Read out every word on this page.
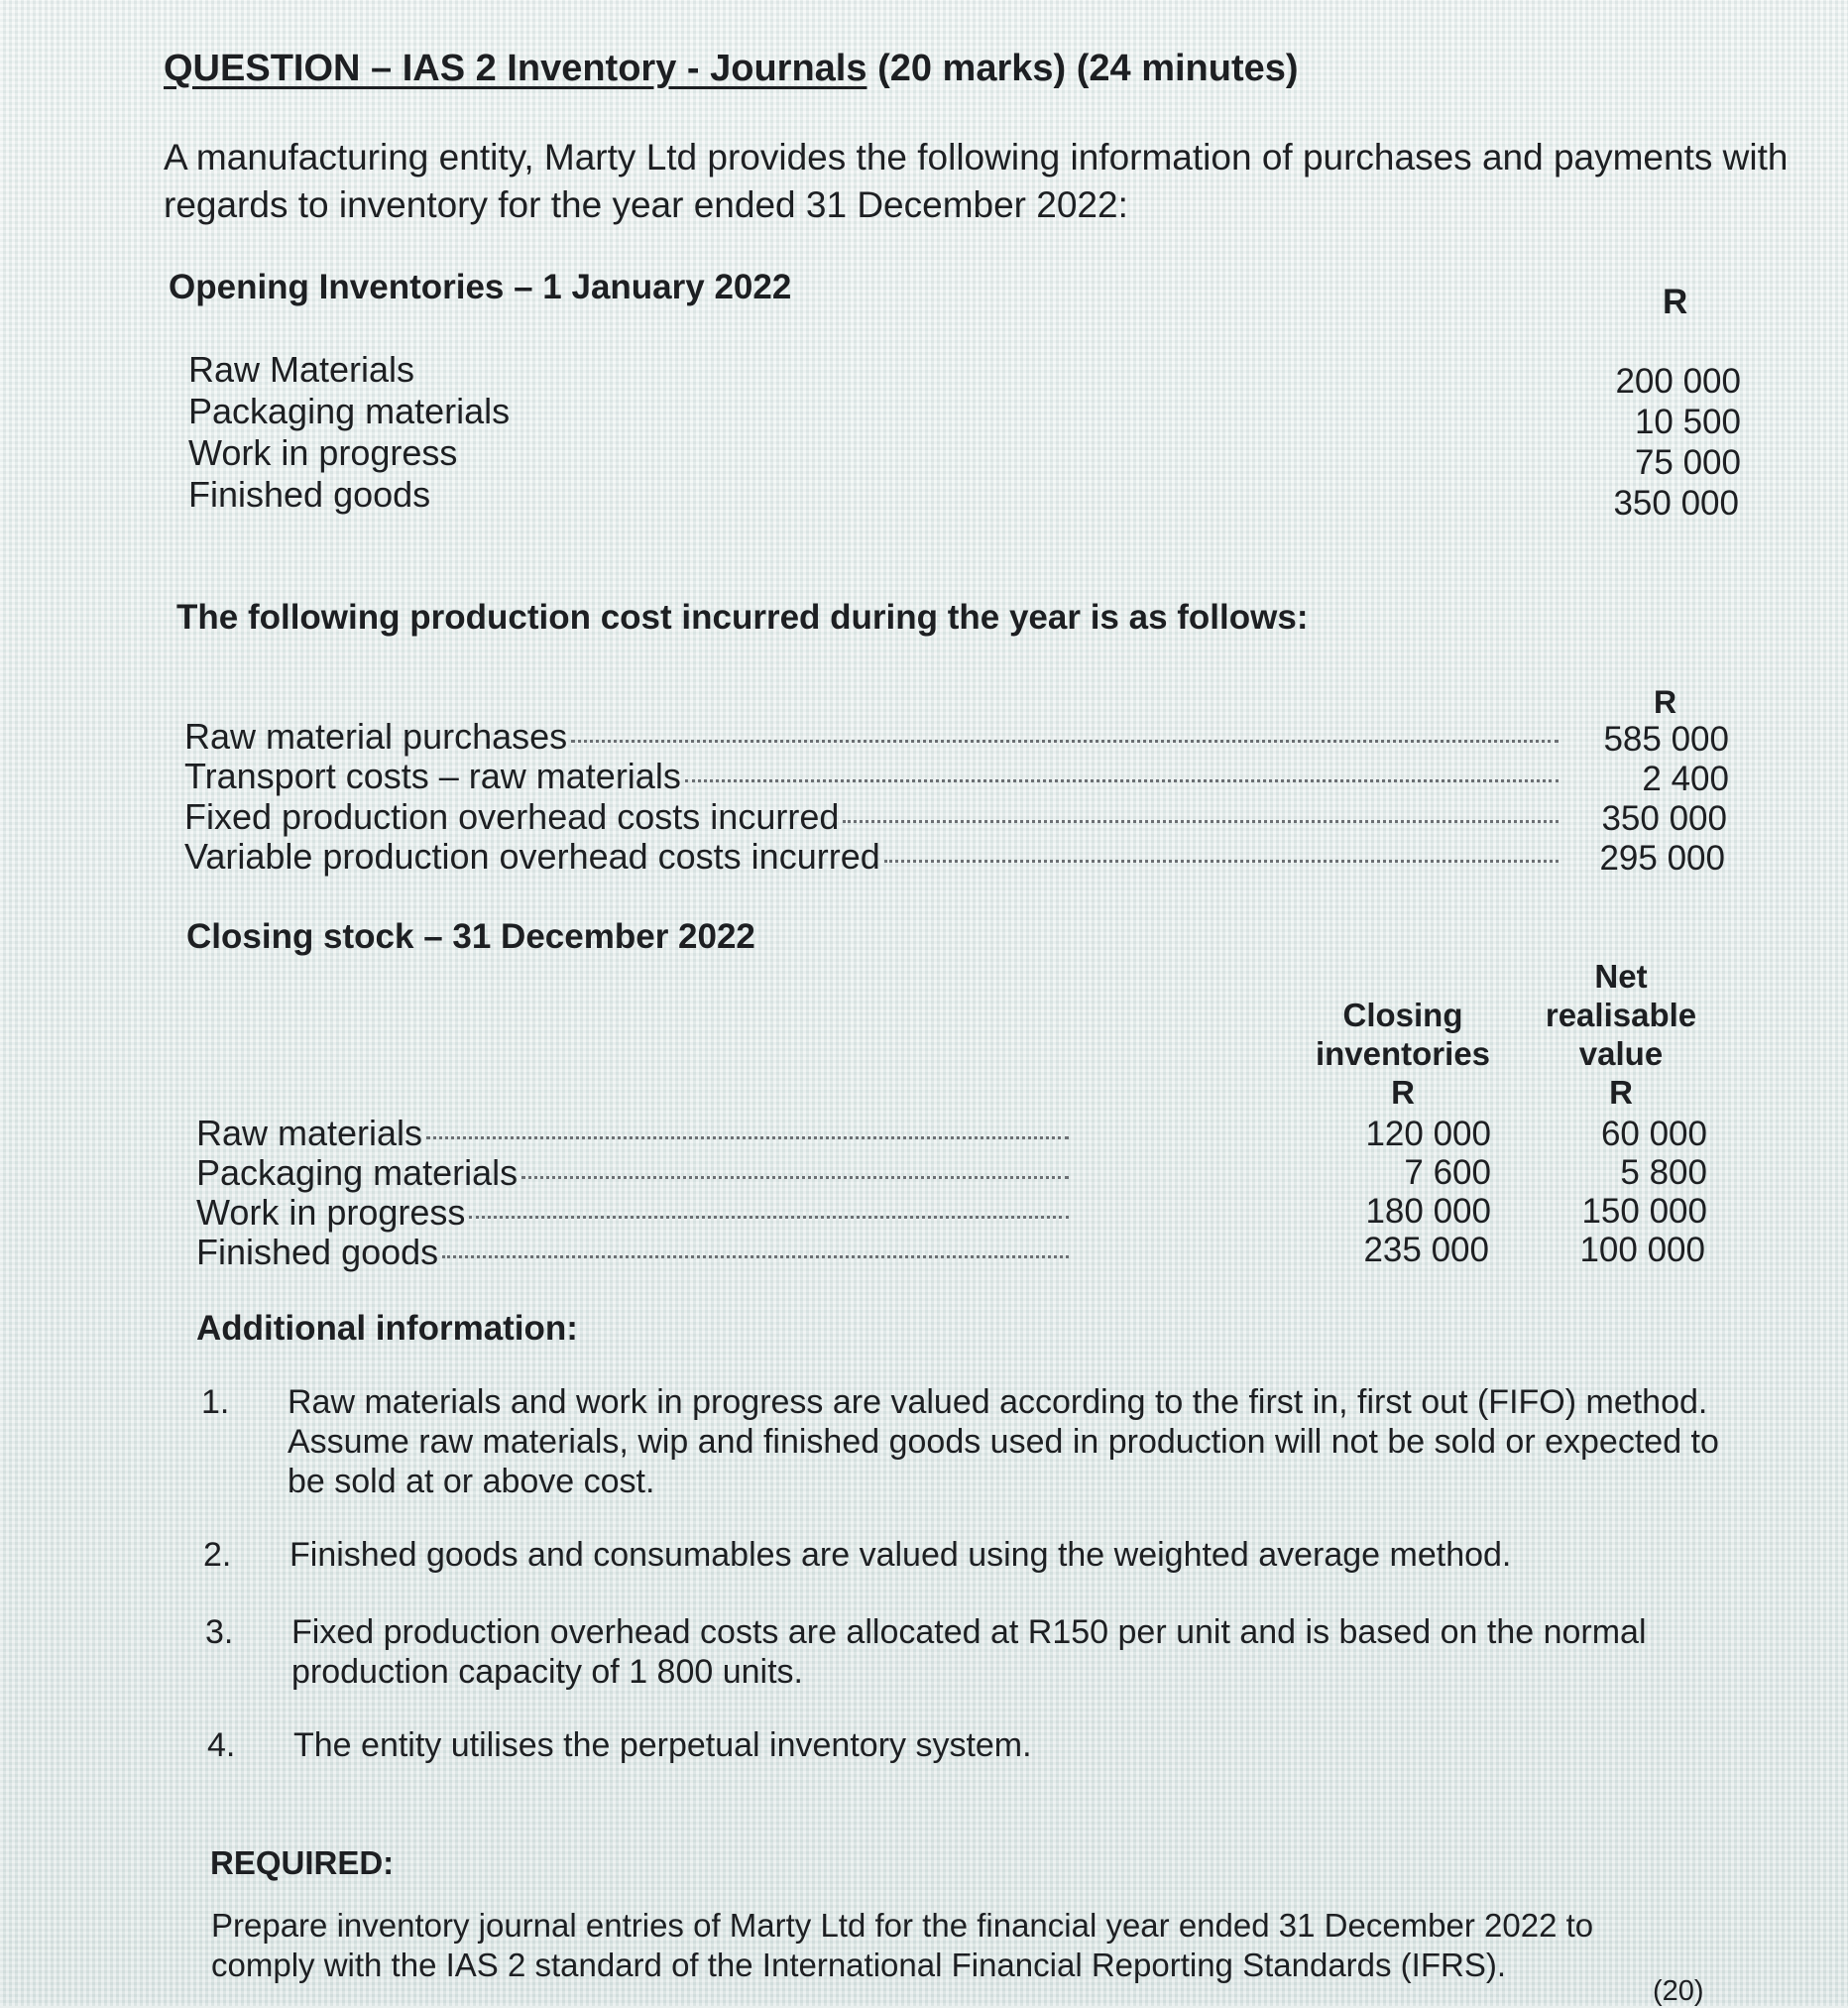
QUESTION – IAS 2 Inventory - Journals (20 marks) (24 minutes)
A manufacturing entity, Marty Ltd provides the following information of purchases and payments with
regards to inventory for the year ended 31 December 2022:
Opening Inventories – 1 January 2022	R
Raw Materials
Packaging materials
Work in progress
Finished goods
200 000
10 500
75 000
350 000
The following production cost incurred during the year is as follows:
R
Raw material purchases
Transport costs – raw materials
Fixed production overhead costs incurred
Variable production overhead costs incurred
585 000
2 400
350 000
295 000
Closing stock – 31 December 2022
Closing
inventories
R
Net
realisable
value
R
Raw materials
Packaging materials
Work in progress
Finished goods
120 000
7 600
180 000
235 000
60 000
5 800
150 000
100 000
Additional information:
1. Raw materials and work in progress are valued according to the first in, first out (FIFO) method.
Assume raw materials, wip and finished goods used in production will not be sold or expected to
be sold at or above cost.
2. Finished goods and consumables are valued using the weighted average method.
3. Fixed production overhead costs are allocated at R150 per unit and is based on the normal
production capacity of 1 800 units.
4. The entity utilises the perpetual inventory system.
REQUIRED:
Prepare inventory journal entries of Marty Ltd for the financial year ended 31 December 2022 to
comply with the IAS 2 standard of the International Financial Reporting Standards (IFRS).
(20)
